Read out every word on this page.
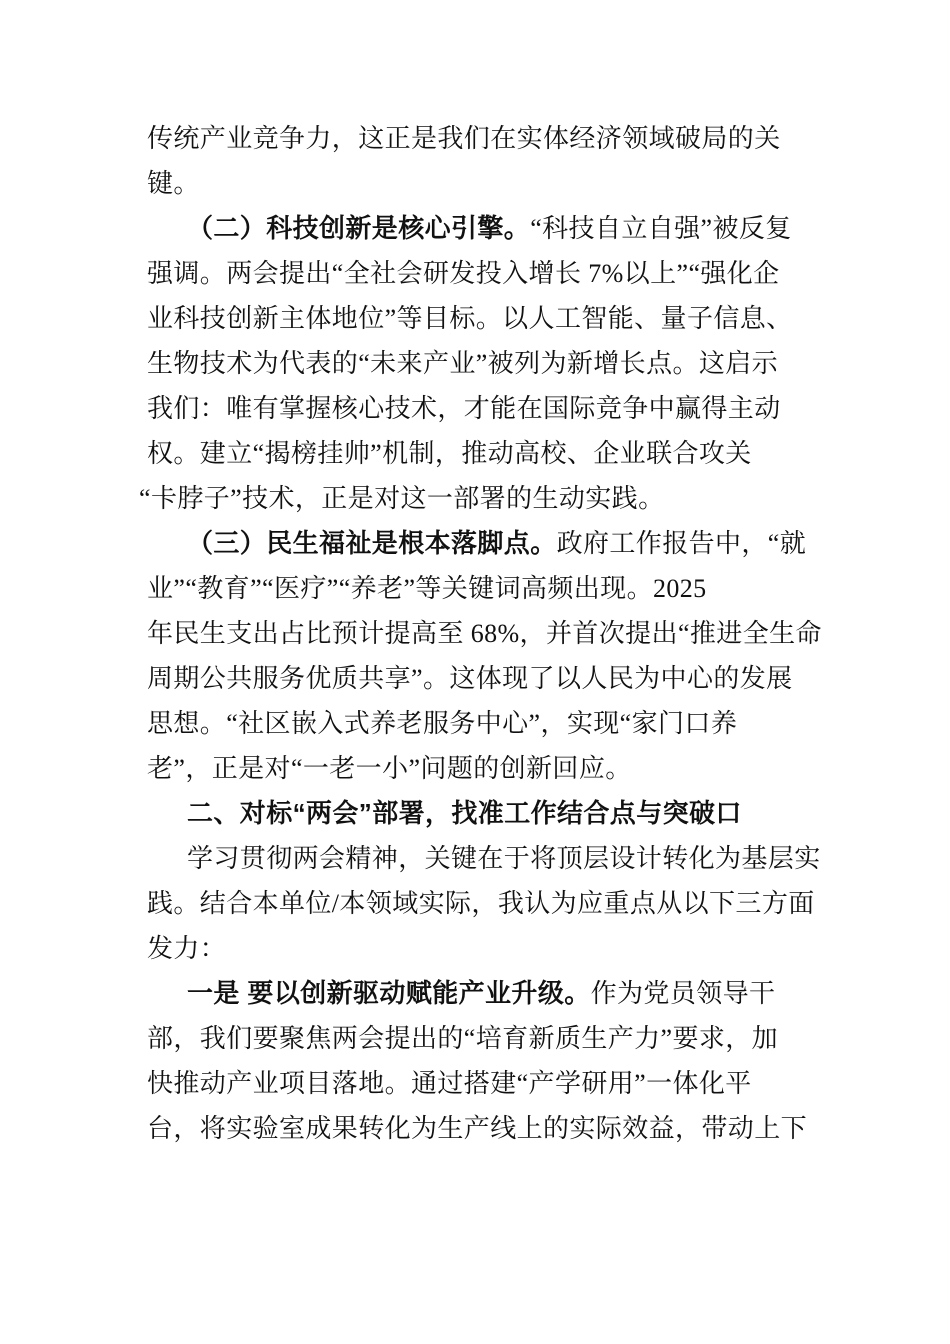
传统产业竞争力，这正是我们在实体经济领域破局的关
键。
（二）科技创新是核心引擎。“科技自立自强”被反复
强调。两会提出“全社会研发投入增长 7%以上”“强化企
业科技创新主体地位”等目标。以人工智能、量子信息、
生物技术为代表的“未来产业”被列为新增长点。这启示
我们：唯有掌握核心技术，才能在国际竞争中赢得主动
权。建立“揭榜挂帅”机制，推动高校、企业联合攻关
“卡脖子”技术，正是对这一部署的生动实践。
（三）民生福祉是根本落脚点。政府工作报告中，“就
业”“教育”“医疗”“养老”等关键词高频出现。2025
年民生支出占比预计提高至 68%，并首次提出“推进全生命
周期公共服务优质共享”。这体现了以人民为中心的发展
思想。“社区嵌入式养老服务中心”，实现“家门口养
老”，正是对“一老一小”问题的创新回应。
二、对标“两会”部署，找准工作结合点与突破口
学习贯彻两会精神，关键在于将顶层设计转化为基层实
践。结合本单位/本领域实际，我认为应重点从以下三方面
发力：
一是 要以创新驱动赋能产业升级。作为党员领导干
部，我们要聚焦两会提出的“培育新质生产力”要求，加
快推动产业项目落地。通过搭建“产学研用”一体化平
台，将实验室成果转化为生产线上的实际效益，带动上下
